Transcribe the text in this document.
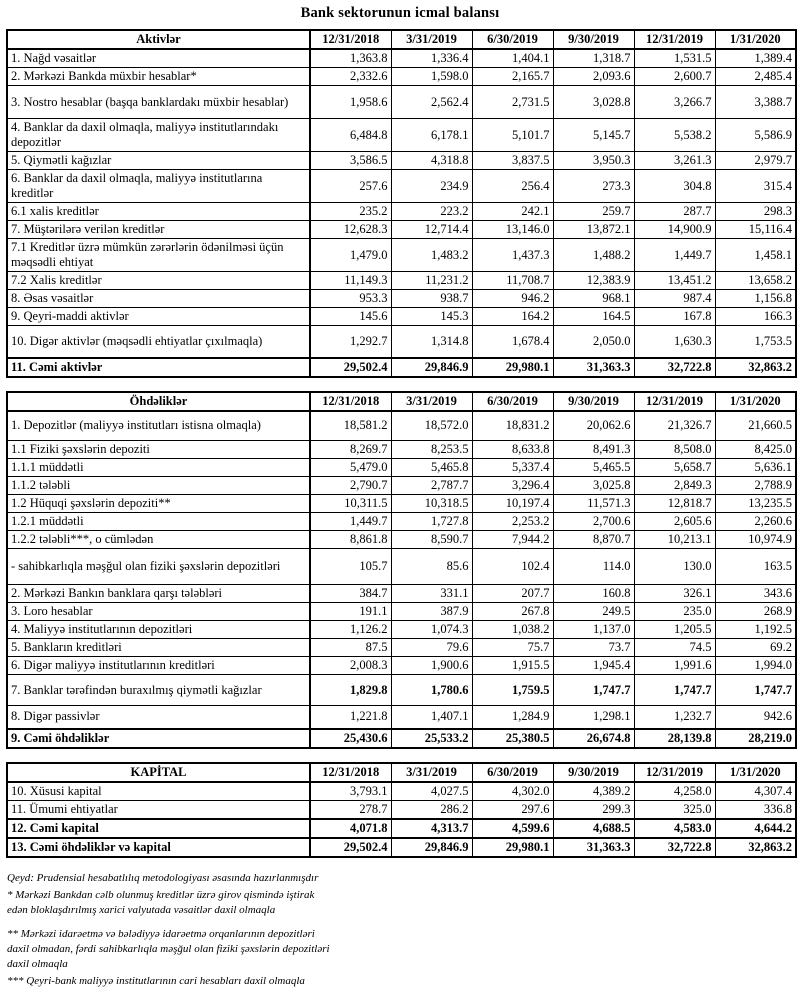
Bank sektorunun icmal balansı
Aktivlər	12/31/2018	3/31/2019	6/30/2019	9/30/2019	12/31/2019	1/31/2020
1. Nağd vəsaitlər	1,363.8	1,336.4	1,404.1	1,318.7	1,531.5	1,389.4
2. Mərkəzi Bankda müxbir hesablar*	2,332.6	1,598.0	2,165.7	2,093.6	2,600.7	2,485.4
3. Nostro hesablar (başqa banklardakı müxbir hesablar)	1,958.6	2,562.4	2,731.5	3,028.8	3,266.7	3,388.7
4. Banklar da daxil olmaqla, maliyyə institutlarındakı depozitlər	6,484.8	6,178.1	5,101.7	5,145.7	5,538.2	5,586.9
5. Qiymətli kağızlar	3,586.5	4,318.8	3,837.5	3,950.3	3,261.3	2,979.7
6. Banklar da daxil olmaqla, maliyyə institutlarına kreditlər	257.6	234.9	256.4	273.3	304.8	315.4
6.1 xalis kreditlər	235.2	223.2	242.1	259.7	287.7	298.3
7. Müştərilərə verilən kreditlər	12,628.3	12,714.4	13,146.0	13,872.1	14,900.9	15,116.4
7.1 Kreditlər üzrə mümkün zərərlərin ödənilməsi üçün məqsədli ehtiyat	1,479.0	1,483.2	1,437.3	1,488.2	1,449.7	1,458.1
7.2 Xalis kreditlər	11,149.3	11,231.2	11,708.7	12,383.9	13,451.2	13,658.2
8. Əsas vəsaitlər	953.3	938.7	946.2	968.1	987.4	1,156.8
9. Qeyri-maddi aktivlər	145.6	145.3	164.2	164.5	167.8	166.3
10. Digər aktivlər (məqsədli ehtiyatlar çıxılmaqla)	1,292.7	1,314.8	1,678.4	2,050.0	1,630.3	1,753.5
11. Cəmi aktivlər	29,502.4	29,846.9	29,980.1	31,363.3	32,722.8	32,863.2
Öhdəliklər	12/31/2018	3/31/2019	6/30/2019	9/30/2019	12/31/2019	1/31/2020
1. Depozitlər (maliyyə institutları istisna olmaqla)	18,581.2	18,572.0	18,831.2	20,062.6	21,326.7	21,660.5
1.1 Fiziki şəxslərin depoziti	8,269.7	8,253.5	8,633.8	8,491.3	8,508.0	8,425.0
1.1.1 müddətli	5,479.0	5,465.8	5,337.4	5,465.5	5,658.7	5,636.1
1.1.2 tələbli	2,790.7	2,787.7	3,296.4	3,025.8	2,849.3	2,788.9
1.2 Hüquqi şəxslərin depoziti**	10,311.5	10,318.5	10,197.4	11,571.3	12,818.7	13,235.5
1.2.1 müddətli	1,449.7	1,727.8	2,253.2	2,700.6	2,605.6	2,260.6
1.2.2 tələbli***, o cümlədən	8,861.8	8,590.7	7,944.2	8,870.7	10,213.1	10,974.9
- sahibkarlıqla məşğul olan fiziki şəxslərin depozitləri	105.7	85.6	102.4	114.0	130.0	163.5
2. Mərkəzi Bankın banklara qarşı tələbləri	384.7	331.1	207.7	160.8	326.1	343.6
3. Loro hesablar	191.1	387.9	267.8	249.5	235.0	268.9
4. Maliyyə institutlarının depozitləri	1,126.2	1,074.3	1,038.2	1,137.0	1,205.5	1,192.5
5. Bankların kreditləri	87.5	79.6	75.7	73.7	74.5	69.2
6. Digər maliyyə institutlarının kreditləri	2,008.3	1,900.6	1,915.5	1,945.4	1,991.6	1,994.0
7. Banklar tərəfindən buraxılmış qiymətli kağızlar	1,829.8	1,780.6	1,759.5	1,747.7	1,747.7	1,747.7
8. Digər passivlər	1,221.8	1,407.1	1,284.9	1,298.1	1,232.7	942.6
9. Cəmi öhdəliklər	25,430.6	25,533.2	25,380.5	26,674.8	28,139.8	28,219.0
KAPİTAL	12/31/2018	3/31/2019	6/30/2019	9/30/2019	12/31/2019	1/31/2020
10. Xüsusi kapital	3,793.1	4,027.5	4,302.0	4,389.2	4,258.0	4,307.4
11. Ümumi ehtiyatlar	278.7	286.2	297.6	299.3	325.0	336.8
12. Cəmi kapital	4,071.8	4,313.7	4,599.6	4,688.5	4,583.0	4,644.2
13. Cəmi öhdəliklər və kapital	29,502.4	29,846.9	29,980.1	31,363.3	32,722.8	32,863.2

Qeyd: Prudensial hesabatlılıq metodologiyası əsasında hazırlanmışdır

* Mərkəzi Bankdan cəlb olunmuş kreditlər üzrə girov qismində iştirak
edən bloklaşdırılmış xarici valyutada vəsaitlər daxil olmaqla

** Mərkəzi idarəetmə və bələdiyyə idarəetmə orqanlarının depozitləri
daxil olmadan, fərdi sahibkarlıqla məşğul olan fiziki şəxslərin depozitləri
daxil olmaqla

*** Qeyri-bank maliyyə institutlarının cari hesabları daxil olmaqla
